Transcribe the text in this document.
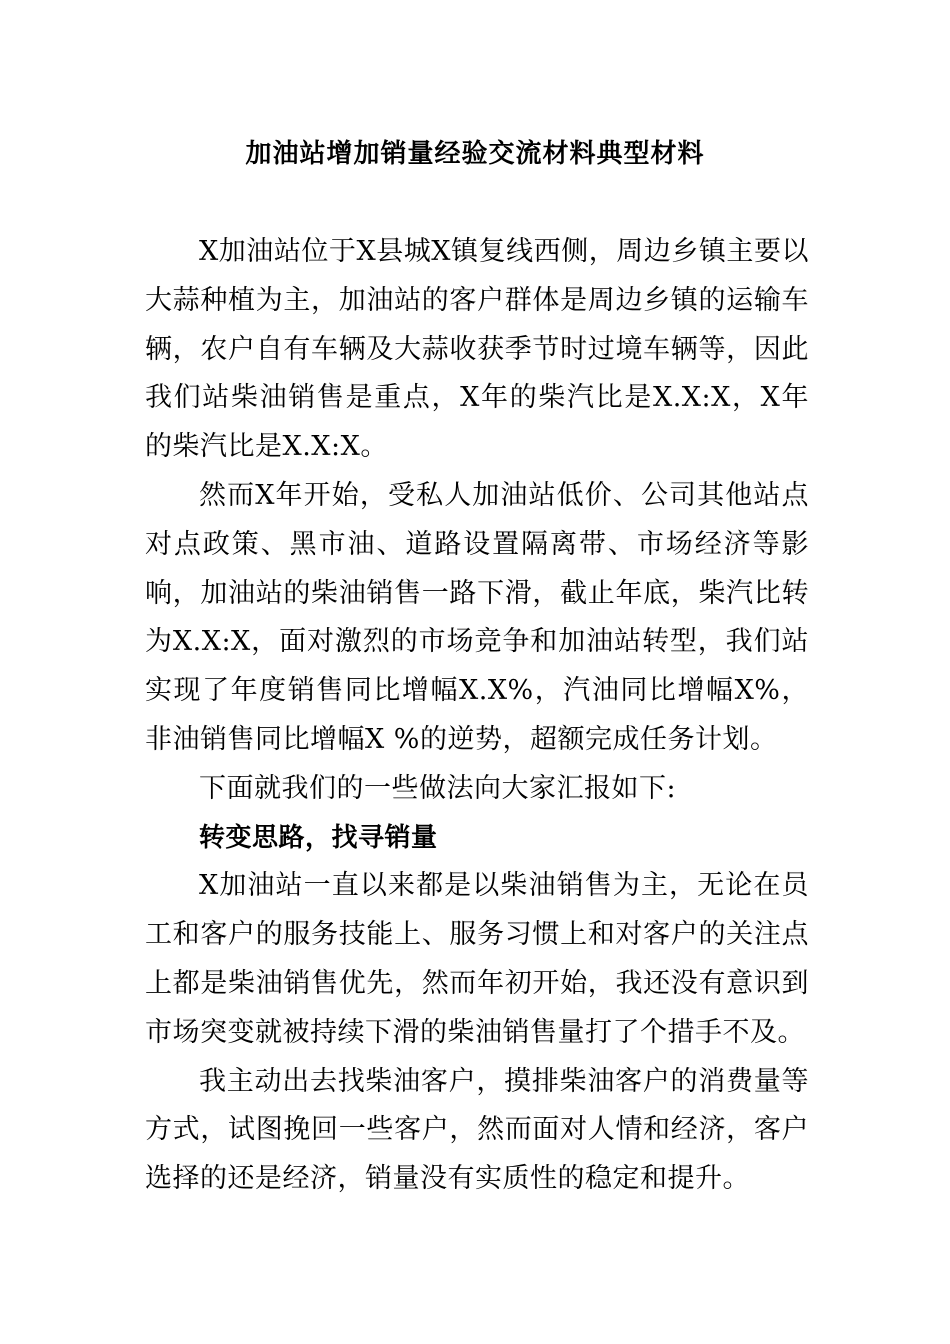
加油站增加销量经验交流材料典型材料

X加油站位于X县城X镇复线西侧，周边乡镇主要以大蒜种植为主，加油站的客户群体是周边乡镇的运输车辆，农户自有车辆及大蒜收获季节时过境车辆等，因此我们站柴油销售是重点，X年的柴汽比是X.X:X，X年的柴汽比是X.X:X。

然而X年开始，受私人加油站低价、公司其他站点对点政策、黑市油、道路设置隔离带、市场经济等影响，加油站的柴油销售一路下滑，截止年底，柴汽比转为X.X:X，面对激烈的市场竞争和加油站转型，我们站实现了年度销售同比增幅X.X%，汽油同比增幅X%，非油销售同比增幅X %的逆势，超额完成任务计划。

下面就我们的一些做法向大家汇报如下:

转变思路，找寻销量

X加油站一直以来都是以柴油销售为主，无论在员工和客户的服务技能上、服务习惯上和对客户的关注点上都是柴油销售优先，然而年初开始，我还没有意识到市场突变就被持续下滑的柴油销售量打了个措手不及。

我主动出去找柴油客户，摸排柴油客户的消费量等方式，试图挽回一些客户，然而面对人情和经济，客户选择的还是经济，销量没有实质性的稳定和提升。
